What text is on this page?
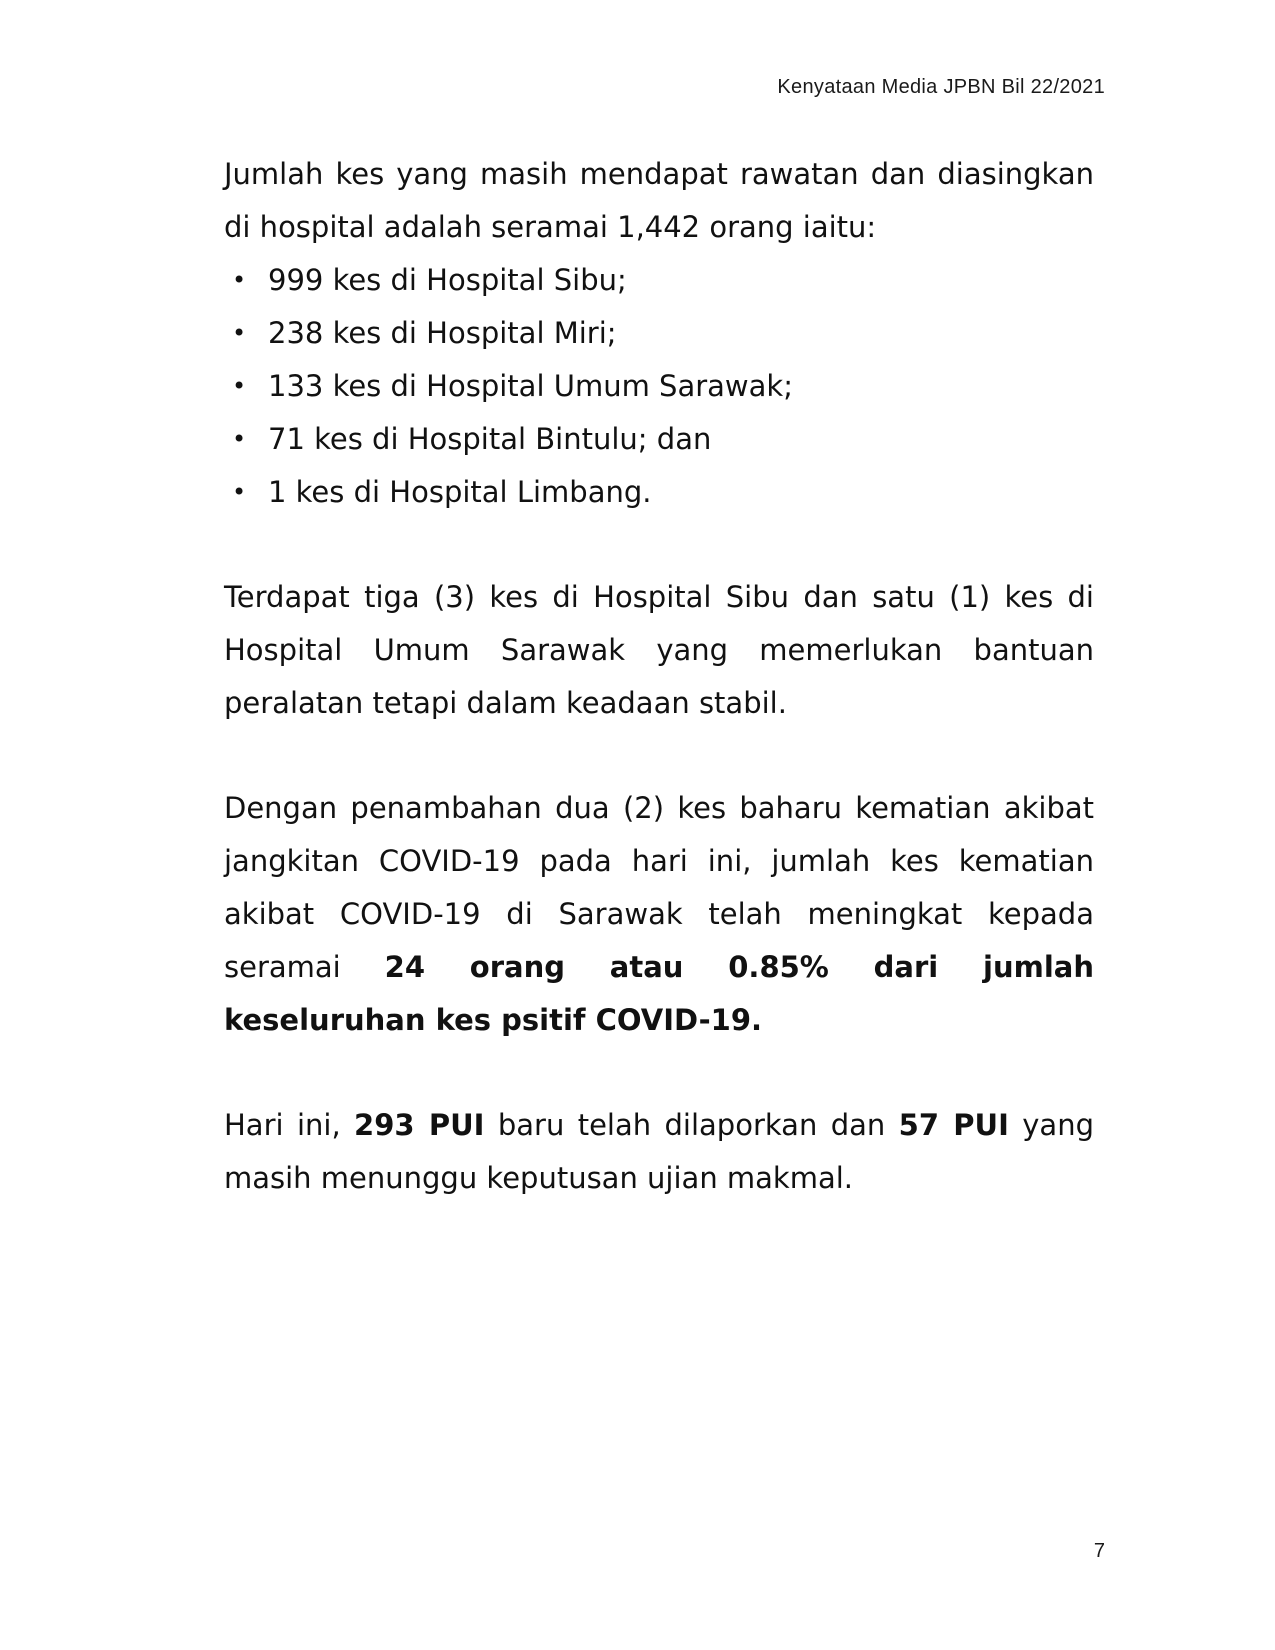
Kenyataan Media JPBN Bil 22/2021

Jumlah kes yang masih mendapat rawatan dan diasingkan di hospital adalah seramai 1,442 orang iaitu:

• 999 kes di Hospital Sibu;
• 238 kes di Hospital Miri;
• 133 kes di Hospital Umum Sarawak;
• 71 kes di Hospital Bintulu; dan
• 1 kes di Hospital Limbang.

Terdapat tiga (3) kes di Hospital Sibu dan satu (1) kes di Hospital Umum Sarawak yang memerlukan bantuan peralatan tetapi dalam keadaan stabil.

Dengan penambahan dua (2) kes baharu kematian akibat jangkitan COVID-19 pada hari ini, jumlah kes kematian akibat COVID-19 di Sarawak telah meningkat kepada seramai 24 orang atau 0.85% dari jumlah keseluruhan kes psitif COVID-19.

Hari ini, 293 PUI baru telah dilaporkan dan 57 PUI yang masih menunggu keputusan ujian makmal.

7
